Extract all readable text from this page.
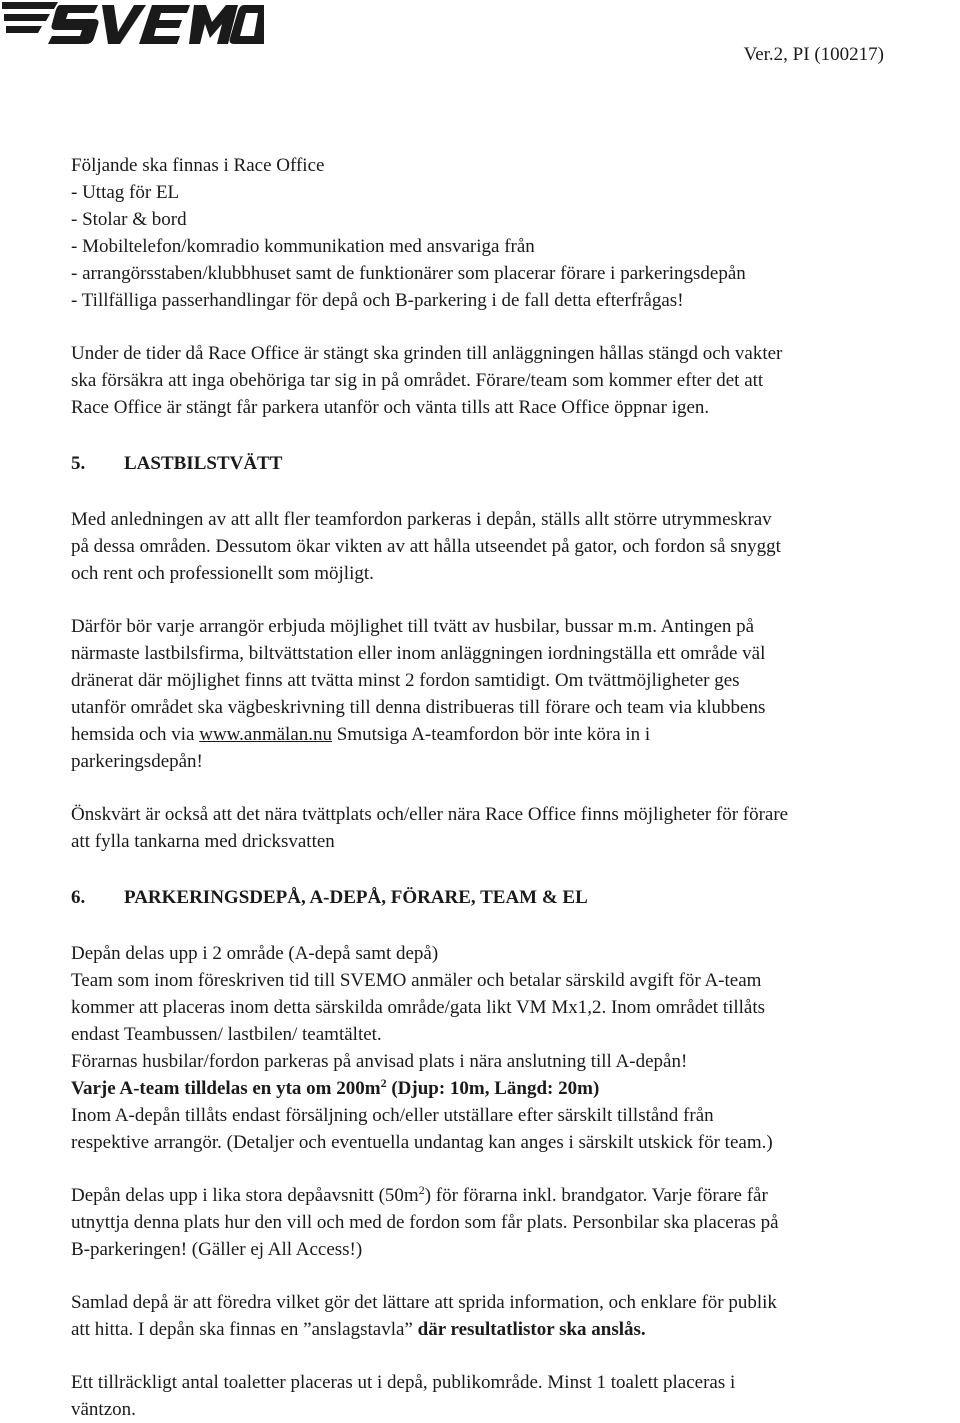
Ver.2, PI (100217)

Följande ska finnas i Race Office

- Uttag för EL

- Stolar & bord

- Mobiltelefon/komradio kommunikation med ansvariga från

- arrangörsstaben/klubbhuset samt de funktionärer som placerar förare i parkeringsdepån

- Tillfälliga passerhandlingar för depå och B-parkering i de fall detta efterfrågas!

Under de tider då Race Office är stängt ska grinden till anläggningen hållas stängd och vakter

ska försäkra att inga obehöriga tar sig in på området. Förare/team som kommer efter det att

Race Office är stängt får parkera utanför och vänta tills att Race Office öppnar igen.

5. LASTBILSTVÄTT

Med anledningen av att allt fler teamfordon parkeras i depån, ställs allt större utrymmeskrav

på dessa områden. Dessutom ökar vikten av att hålla utseendet på gator, och fordon så snyggt

och rent och professionellt som möjligt.

Därför bör varje arrangör erbjuda möjlighet till tvätt av husbilar, bussar m.m. Antingen på

närmaste lastbilsfirma, biltvättstation eller inom anläggningen iordningställa ett område väl

dränerat där möjlighet finns att tvätta minst 2 fordon samtidigt. Om tvättmöjligheter ges

utanför området ska vägbeskrivning till denna distribueras till förare och team via klubbens

hemsida och via www.anmälan.nu Smutsiga A-teamfordon bör inte köra in i

parkeringsdepån!

Önskvärt är också att det nära tvättplats och/eller nära Race Office finns möjligheter för förare

att fylla tankarna med dricksvatten

6. PARKERINGSDEPÅ, A-DEPÅ, FÖRARE, TEAM & EL

Depån delas upp i 2 område (A-depå samt depå)

Team som inom föreskriven tid till SVEMO anmäler och betalar särskild avgift för A-team

kommer att placeras inom detta särskilda område/gata likt VM Mx1,2. Inom området tillåts

endast Teambussen/ lastbilen/ teamtältet.

Förarnas husbilar/fordon parkeras på anvisad plats i nära anslutning till A-depån!

Varje A-team tilldelas en yta om $200m^2$ (Djup: 10m, Längd: 20m)

Inom A-depån tillåts endast försäljning och/eller utställare efter särskilt tillstånd från

respektive arrangör. (Detaljer och eventuella undantag kan anges i särskilt utskick för team.)

Depån delas upp i lika stora depåavsnitt $(50m^2)$ för förarna inkl. brandgator. Varje förare får

utnyttja denna plats hur den vill och med de fordon som får plats. Personbilar ska placeras på

B-parkeringen! (Gäller ej All Access!)

Samlad depå är att föredra vilket gör det lättare att sprida information, och enklare för publik

att hitta. I depån ska finnas en ”anslagstavla” där resultatlistor ska anslås.

Ett tillräckligt antal toaletter placeras ut i depå, publikområde. Minst 1 toalett placeras i

väntzon.
